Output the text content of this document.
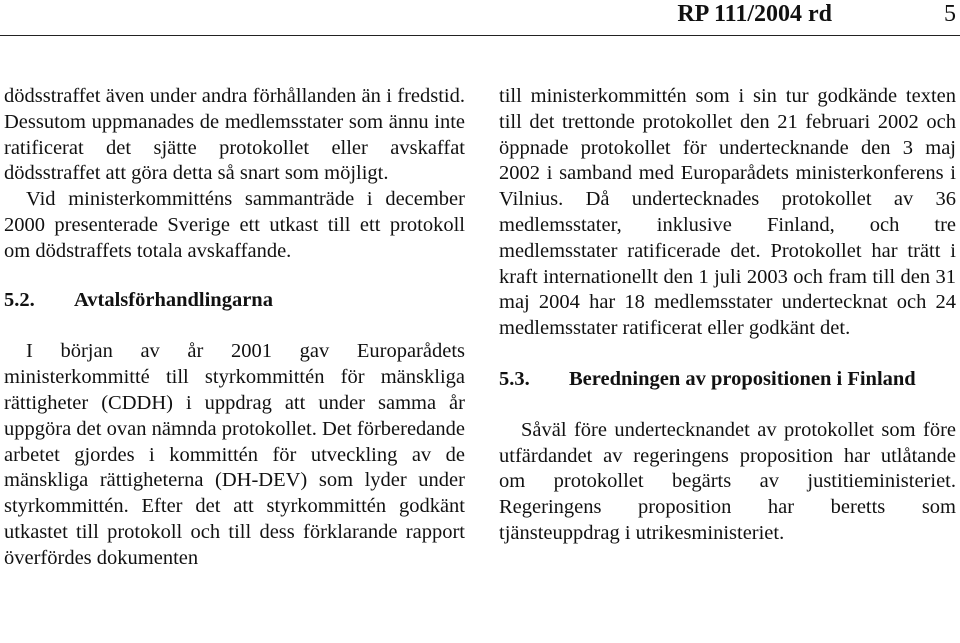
RP 111/2004 rd	5

dödsstraffet även under andra förhållanden än i fredstid. Dessutom uppmanades de medlemsstater som ännu inte ratificerat det sjätte protokollet eller avskaffat dödsstraffet att göra detta så snart som möjligt.

Vid ministerkommitténs sammanträde i december 2000 presenterade Sverige ett utkast till ett protokoll om dödstraffets totala avskaffande.

5.2.	Avtalsförhandlingarna

I början av år 2001 gav Europarådets ministerkommitté till styrkommittén för mänskliga rättigheter (CDDH) i uppdrag att under samma år uppgöra det ovan nämnda protokollet. Det förberedande arbetet gjordes i kommittén för utveckling av de mänskliga rättigheterna (DH-DEV) som lyder under styrkommittén. Efter det att styrkommittén godkänt utkastet till protokoll och till dess förklarande rapport överfördes dokumenten

till ministerkommittén som i sin tur godkände texten till det trettonde protokollet den 21 februari 2002 och öppnade protokollet för undertecknande den 3 maj 2002 i samband med Europarådets ministerkonferens i Vilnius. Då undertecknades protokollet av 36 medlemsstater, inklusive Finland, och tre medlemsstater ratificerade det. Protokollet har trätt i kraft internationellt den 1 juli 2003 och fram till den 31 maj 2004 har 18 medlemsstater undertecknat och 24 medlemsstater ratificerat eller godkänt det.

5.3.	Beredningen av propositionen i Finland

Såväl före undertecknandet av protokollet som före utfärdandet av regeringens proposition har utlåtande om protokollet begärts av justitieministeriet. Regeringens proposition har beretts som tjänsteuppdrag i utrikesministeriet.
